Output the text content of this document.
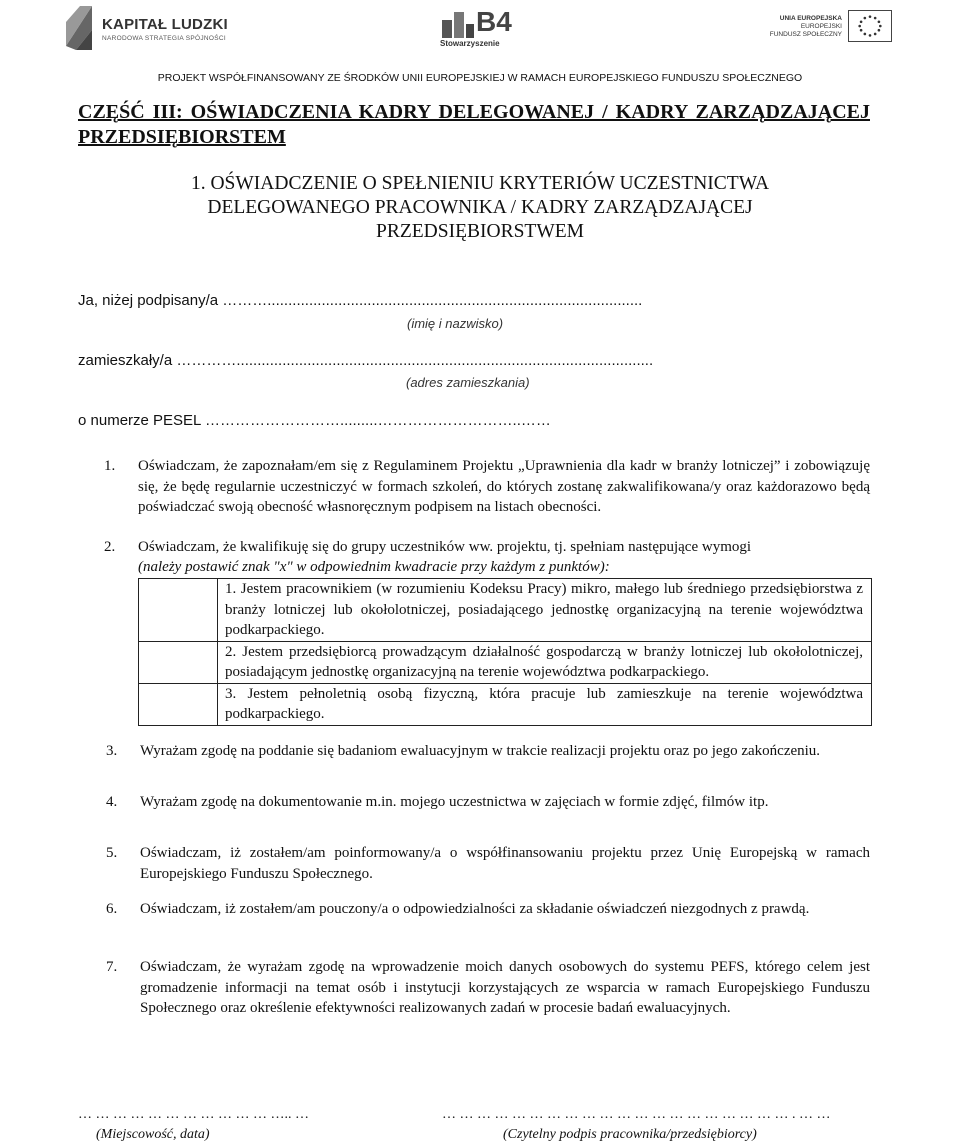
KAPITAŁ LUDZKI
NARODOWA STRATEGIA SPÓJNOŚCI
B4
Stowarzyszenie
UNIA EUROPEJSKA
EUROPEJSKI
FUNDUSZ SPOŁECZNY
PROJEKT WSPÓŁFINANSOWANY ZE ŚRODKÓW UNII EUROPEJSKIEJ W RAMACH EUROPEJSKIEGO FUNDUSZU SPOŁECZNEGO
CZĘŚĆ III: OŚWIADCZENIA KADRY DELEGOWANEJ / KADRY ZARZĄDZAJĄCEJ PRZEDSIĘBIORSTEM
1. OŚWIADCZENIE O SPEŁNIENIU KRYTERIÓW UCZESTNICTWA DELEGOWANEGO PRACOWNIKA / KADRY ZARZĄDZAJĄCEJ PRZEDSIĘBIORSTWEM
Ja, niżej podpisany/a ………..........................................................................................
(imię i nazwisko)
zamieszkały/a …………....................................................................................................
(adres zamieszkania)
o numerze PESEL ……………………….........………………………..……
1. Oświadczam, że zapoznałam/em się z Regulaminem Projektu „Uprawnienia dla kadr w branży lotniczej” i zobowiązuję się, że będę regularnie uczestniczyć w formach szkoleń, do których zostanę zakwalifikowana/y oraz każdorazowo będą poświadczać swoją obecność własnoręcznym podpisem na listach obecności.
2. Oświadczam, że kwalifikuję się do grupy uczestników ww. projektu, tj. spełniam następujące wymogi
(należy postawić znak "x" w odpowiednim kwadracie przy każdym z punktów):
	1. Jestem pracownikiem (w rozumieniu Kodeksu Pracy) mikro, małego lub średniego przedsiębiorstwa z branży lotniczej lub okołolotniczej, posiadającego jednostkę organizacyjną na terenie województwa podkarpackiego.
	2. Jestem przedsiębiorcą prowadzącym działalność gospodarczą w branży lotniczej lub okołolotniczej, posiadającym jednostkę organizacyjną na terenie województwa podkarpackiego.
	3. Jestem pełnoletnią osobą fizyczną, która pracuje lub zamieszkuje na terenie województwa podkarpackiego.
3. Wyrażam zgodę na poddanie się badaniom ewaluacyjnym w trakcie realizacji projektu oraz po jego zakończeniu.
4. Wyrażam zgodę na dokumentowanie m.in. mojego uczestnictwa w zajęciach w formie zdjęć, filmów itp.
5. Oświadczam, iż zostałem/am poinformowany/a o współfinansowaniu projektu przez Unię Europejską w ramach Europejskiego Funduszu Społecznego.
6. Oświadczam, iż zostałem/am pouczony/a o odpowiedzialności za składanie oświadczeń niezgodnych z prawdą.
7. Oświadczam, że wyrażam zgodę na wprowadzenie moich danych osobowych do systemu PEFS, którego celem jest gromadzenie informacji na temat osób i instytucji korzystających ze wsparcia w ramach Europejskiego Funduszu Społecznego oraz określenie efektywności realizowanych zadań w procesie badań ewaluacyjnych.
… … … … … … … … … … … ….. …
(Miejscowość, data)
… … … … … … … … … … … … … … … … … … … … . … …
(Czytelny podpis pracownika/przedsiębiorcy)
